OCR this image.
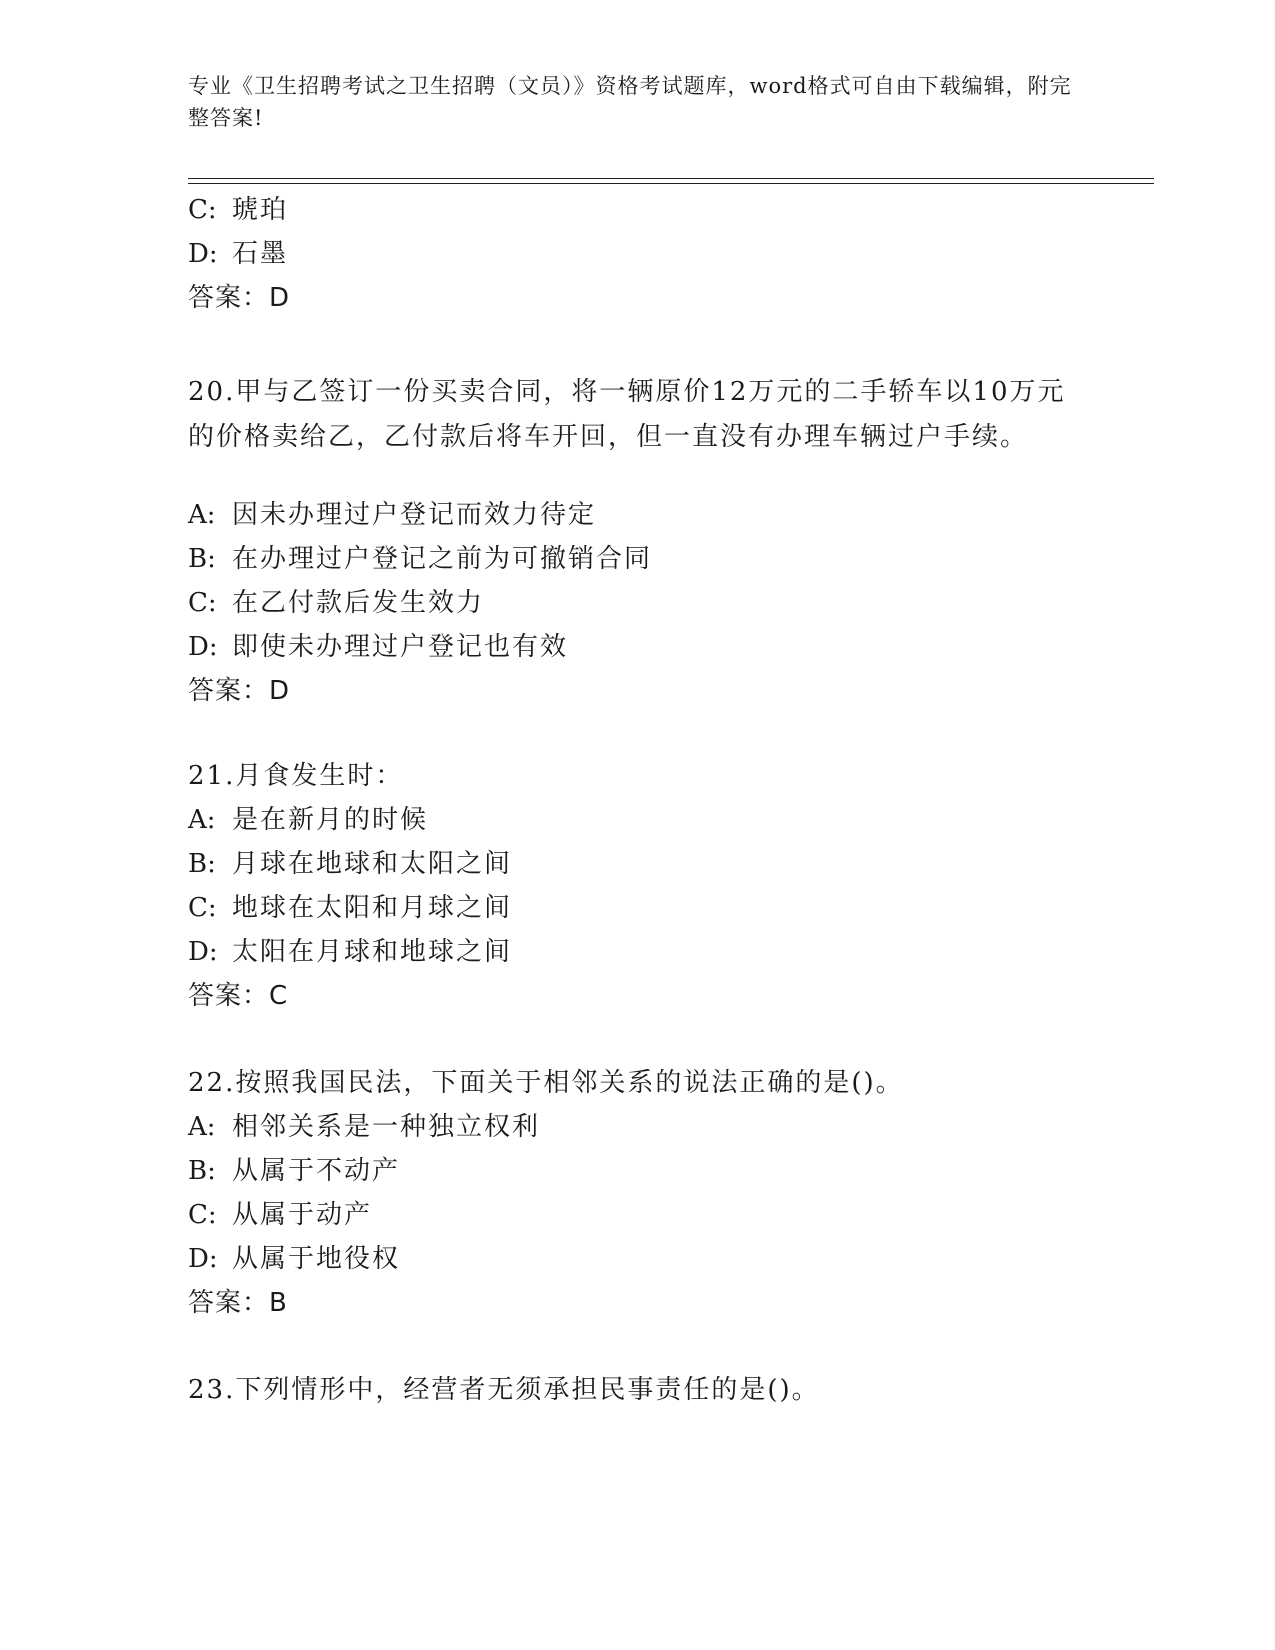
专业《卫生招聘考试之卫生招聘（文员）》资格考试题库，word格式可自由下载编辑，附完整答案!
C: 琥珀
D: 石墨
答案：D
20.甲与乙签订一份买卖合同，将一辆原价12万元的二手轿车以10万元的价格卖给乙，乙付款后将车开回，但一直没有办理车辆过户手续。
A: 因未办理过户登记而效力待定
B: 在办理过户登记之前为可撤销合同
C: 在乙付款后发生效力
D: 即使未办理过户登记也有效
答案：D
21.月食发生时：
A: 是在新月的时候
B: 月球在地球和太阳之间
C: 地球在太阳和月球之间
D: 太阳在月球和地球之间
答案：C
22.按照我国民法，下面关于相邻关系的说法正确的是()。
A: 相邻关系是一种独立权利
B: 从属于不动产
C: 从属于动产
D: 从属于地役权
答案：B
23.下列情形中，经营者无须承担民事责任的是()。
